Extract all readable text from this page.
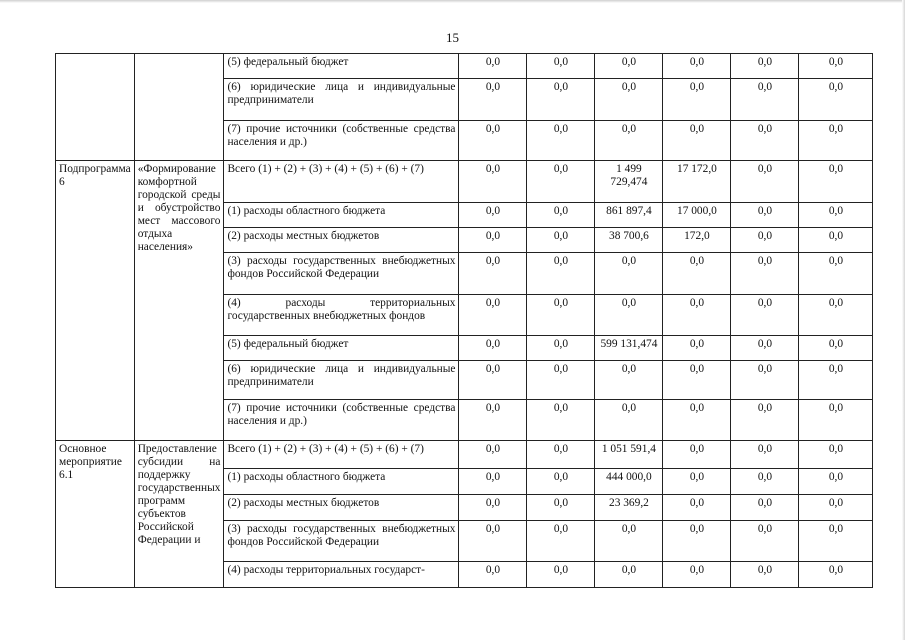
15
		(5) федеральный бюджет	0,0	0,0	0,0	0,0	0,0	0,0
		(6) юридические лица и индивидуальные предприниматели	0,0	0,0	0,0	0,0	0,0	0,0
		(7) прочие источники (собственные средства населения и др.)	0,0	0,0	0,0	0,0	0,0	0,0
Подпрограмма 6	«Формирование комфортной городской среды и обустройство мест массового отдыха населения»	Всего (1) + (2) + (3) + (4) + (5) + (6) + (7)	0,0	0,0	1 499 729,474	17 172,0	0,0	0,0
		(1) расходы областного бюджета	0,0	0,0	861 897,4	17 000,0	0,0	0,0
		(2) расходы местных бюджетов	0,0	0,0	38 700,6	172,0	0,0	0,0
		(3) расходы государственных внебюджетных фондов Российской Федерации	0,0	0,0	0,0	0,0	0,0	0,0
		(4) расходы территориальных государственных внебюджетных фондов	0,0	0,0	0,0	0,0	0,0	0,0
		(5) федеральный бюджет	0,0	0,0	599 131,474	0,0	0,0	0,0
		(6) юридические лица и индивидуальные предприниматели	0,0	0,0	0,0	0,0	0,0	0,0
		(7) прочие источники (собственные средства населения и др.)	0,0	0,0	0,0	0,0	0,0	0,0
Основное мероприятие 6.1	Предоставление субсидии на поддержку государственных программ субъектов Российской Федерации и	Всего (1) + (2) + (3) + (4) + (5) + (6) + (7)	0,0	0,0	1 051 591,4	0,0	0,0	0,0
		(1) расходы областного бюджета	0,0	0,0	444 000,0	0,0	0,0	0,0
		(2) расходы местных бюджетов	0,0	0,0	23 369,2	0,0	0,0	0,0
		(3) расходы государственных внебюджетных фондов Российской Федерации	0,0	0,0	0,0	0,0	0,0	0,0
		(4) расходы территориальных государст-	0,0	0,0	0,0	0,0	0,0	0,0
